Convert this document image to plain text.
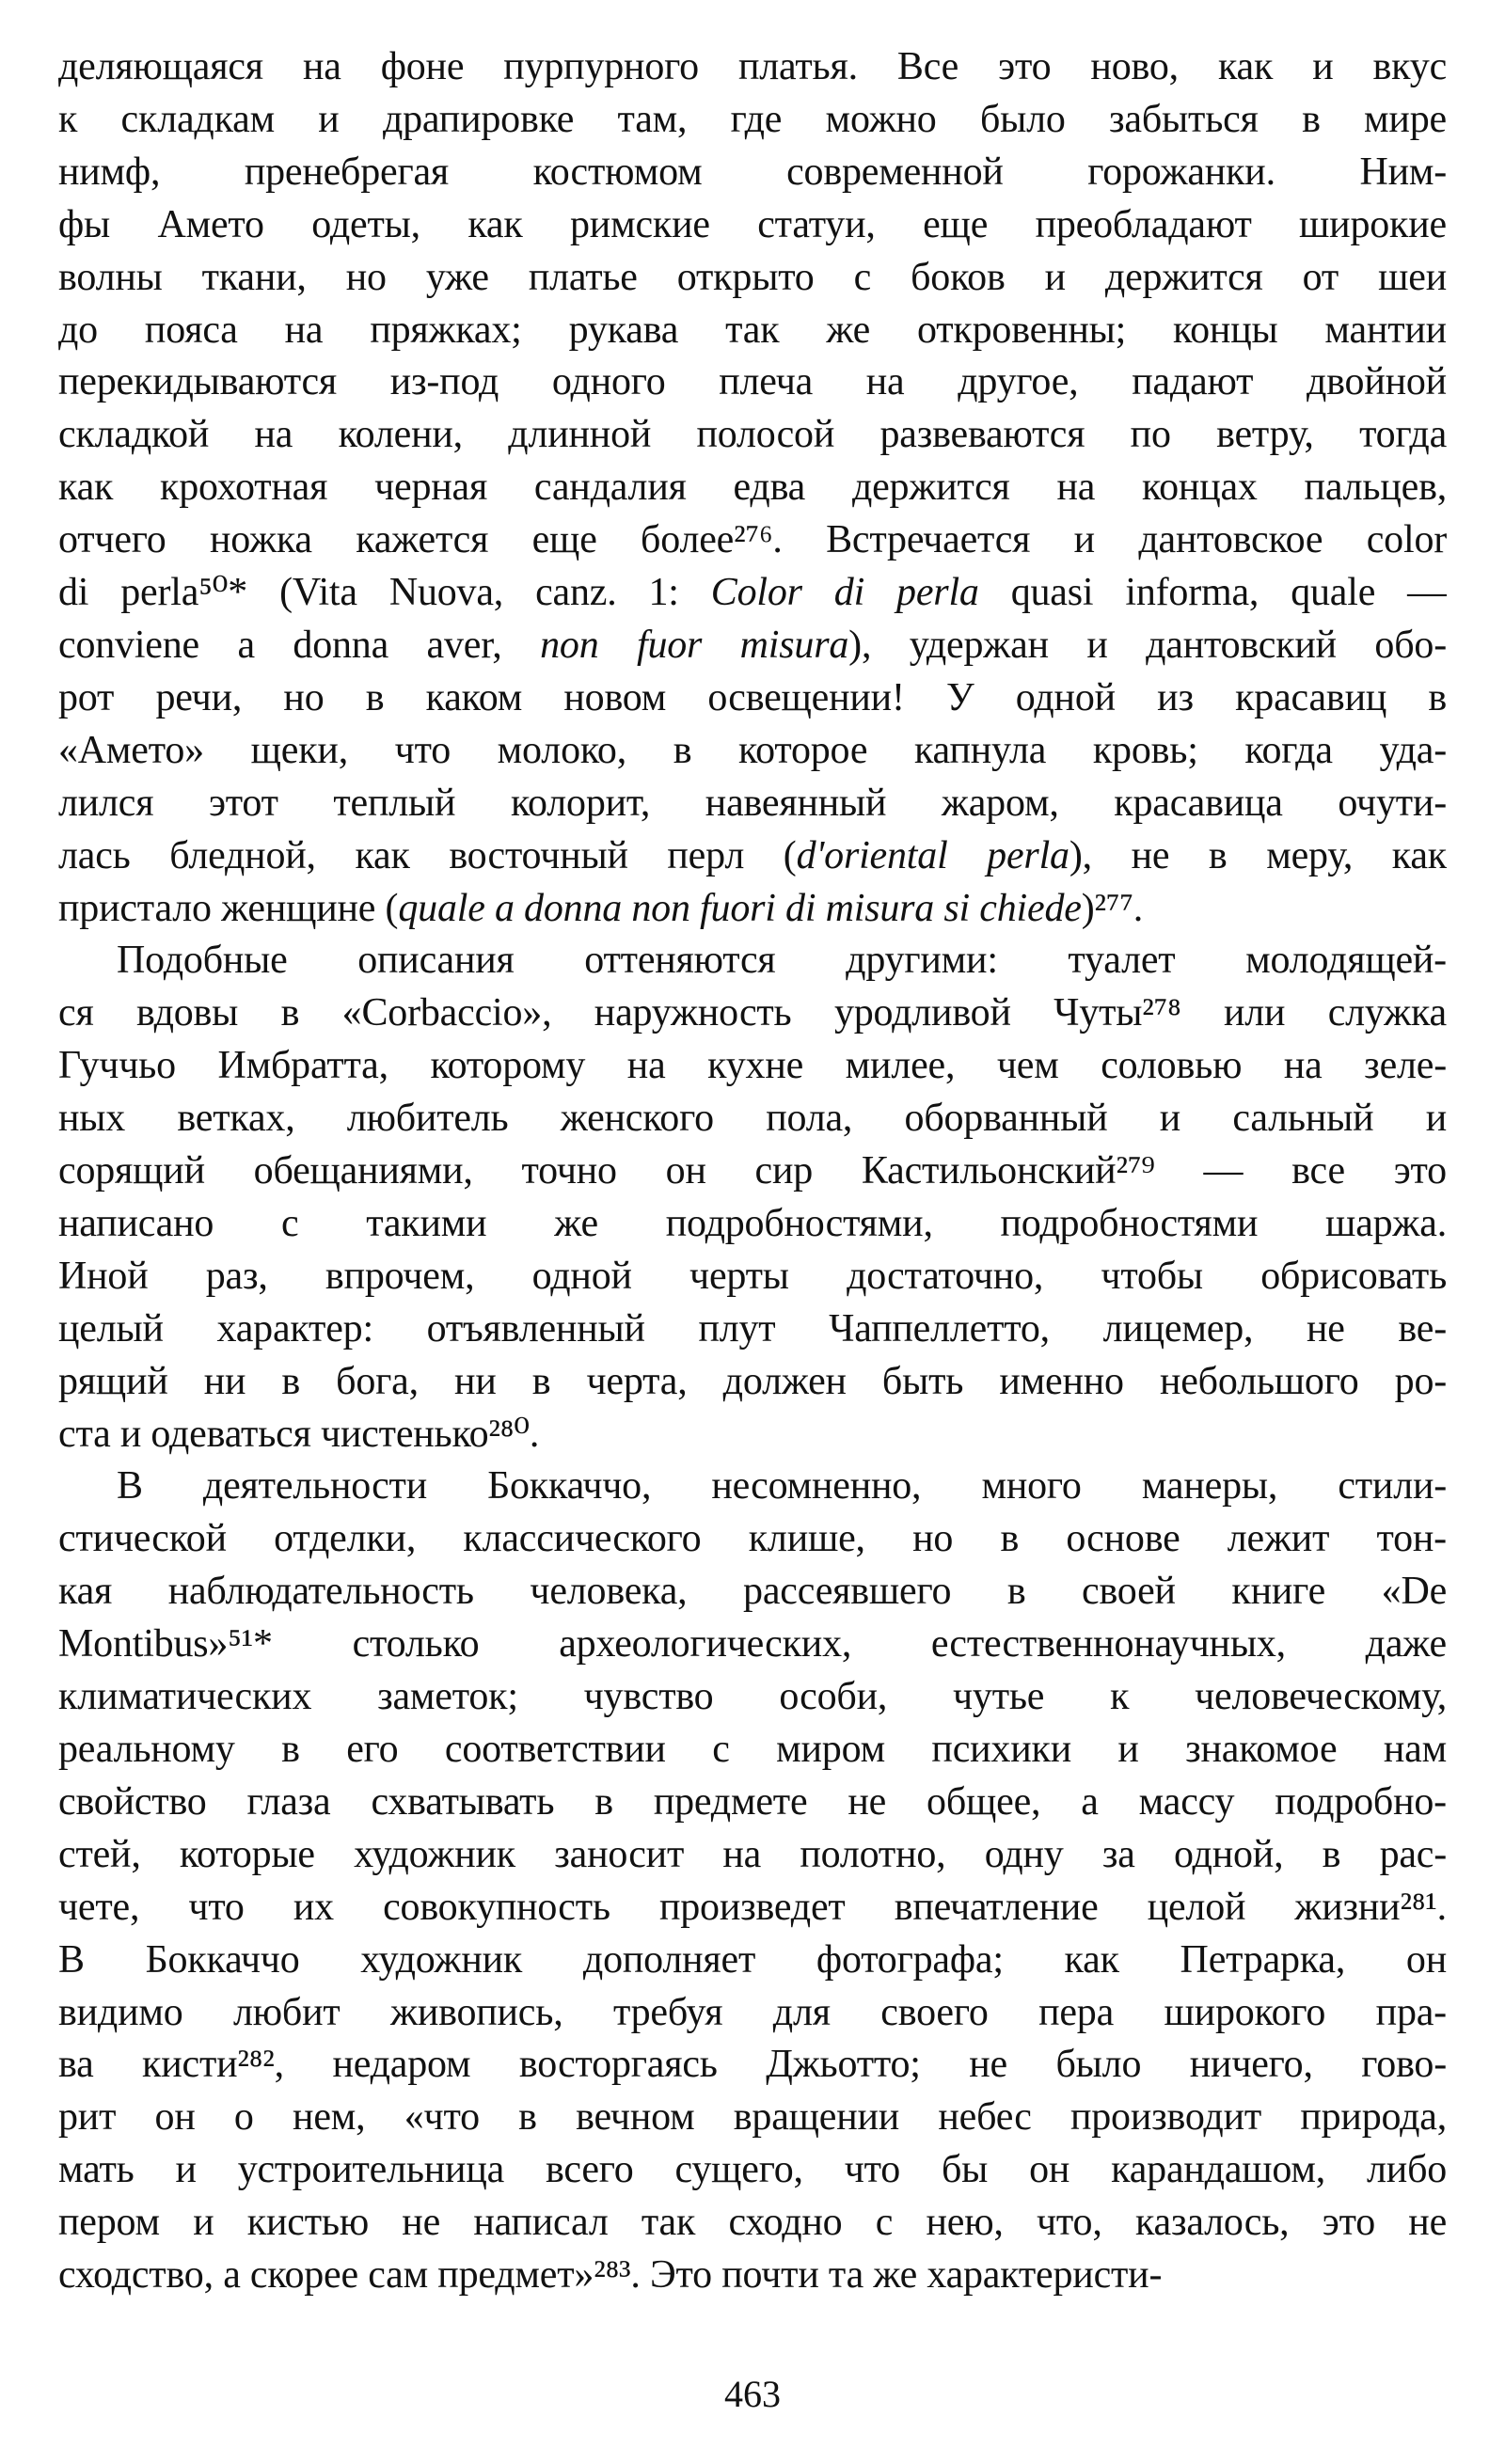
деляющаяся на фоне пурпурного платья. Все это ново, как и вкус
к складкам и драпировке там, где можно было забыться в мире
нимф, пренебрегая костюмом современной горожанки. Ним-
фы Амето одеты, как римские статуи, еще преобладают широкие
волны ткани, но уже платье открыто с боков и держится от шеи
до пояса на пряжках; рукава так же откровенны; концы мантии
перекидываются из-под одного плеча на другое, падают двойной
складкой на колени, длинной полосой развеваются по ветру, тогда
как крохотная черная сандалия едва держится на концах пальцев,
отчего ножка кажется еще более²⁷⁶. Встречается и дантовское color
di perla⁵⁰* (Vita Nuova, canz. 1: Color di perla quasi informa, quale —
conviene a donna aver, non fuor misura), удержан и дантовский обо-
рот речи, но в каком новом освещении! У одной из красавиц в
«Амето» щеки, что молоко, в которое капнула кровь; когда уда-
лился этот теплый колорит, навеянный жаром, красавица очути-
лась бледной, как восточный перл (d'oriental perla), не в меру, как
пристало женщине (quale a donna non fuori di misura si chiede)²⁷⁷.
Подобные описания оттеняются другими: туалет молодящей-
ся вдовы в «Corbaccio», наружность уродливой Чуты²⁷⁸ или служка
Гуччьо Имбратта, которому на кухне милее, чем соловью на зеле-
ных ветках, любитель женского пола, оборванный и сальный и
сорящий обещаниями, точно он сир Кастильонский²⁷⁹ — все это
написано с такими же подробностями, подробностями шаржа.
Иной раз, впрочем, одной черты достаточно, чтобы обрисовать
целый характер: отъявленный плут Чаппеллетто, лицемер, не ве-
рящий ни в бога, ни в черта, должен быть именно небольшого ро-
ста и одеваться чистенько²⁸⁰.
В деятельности Боккаччо, несомненно, много манеры, стили-
стической отделки, классического клише, но в основе лежит тон-
кая наблюдательность человека, рассеявшего в своей книге «De
Montibus»⁵¹* столько археологических, естественнонаучных, даже
климатических заметок; чувство особи, чутье к человеческому,
реальному в его соответствии с миром психики и знакомое нам
свойство глаза схватывать в предмете не общее, а массу подробно-
стей, которые художник заносит на полотно, одну за одной, в рас-
чете, что их совокупность произведет впечатление целой жизни²⁸¹.
В Боккаччо художник дополняет фотографа; как Петрарка, он
видимо любит живопись, требуя для своего пера широкого пра-
ва кисти²⁸², недаром восторгаясь Джьотто; не было ничего, гово-
рит он о нем, «что в вечном вращении небес производит природа,
мать и устроительница всего сущего, что бы он карандашом, либо
пером и кистью не написал так сходно с нею, что, казалось, это не
сходство, а скорее сам предмет»²⁸³. Это почти та же характеристи-
463
